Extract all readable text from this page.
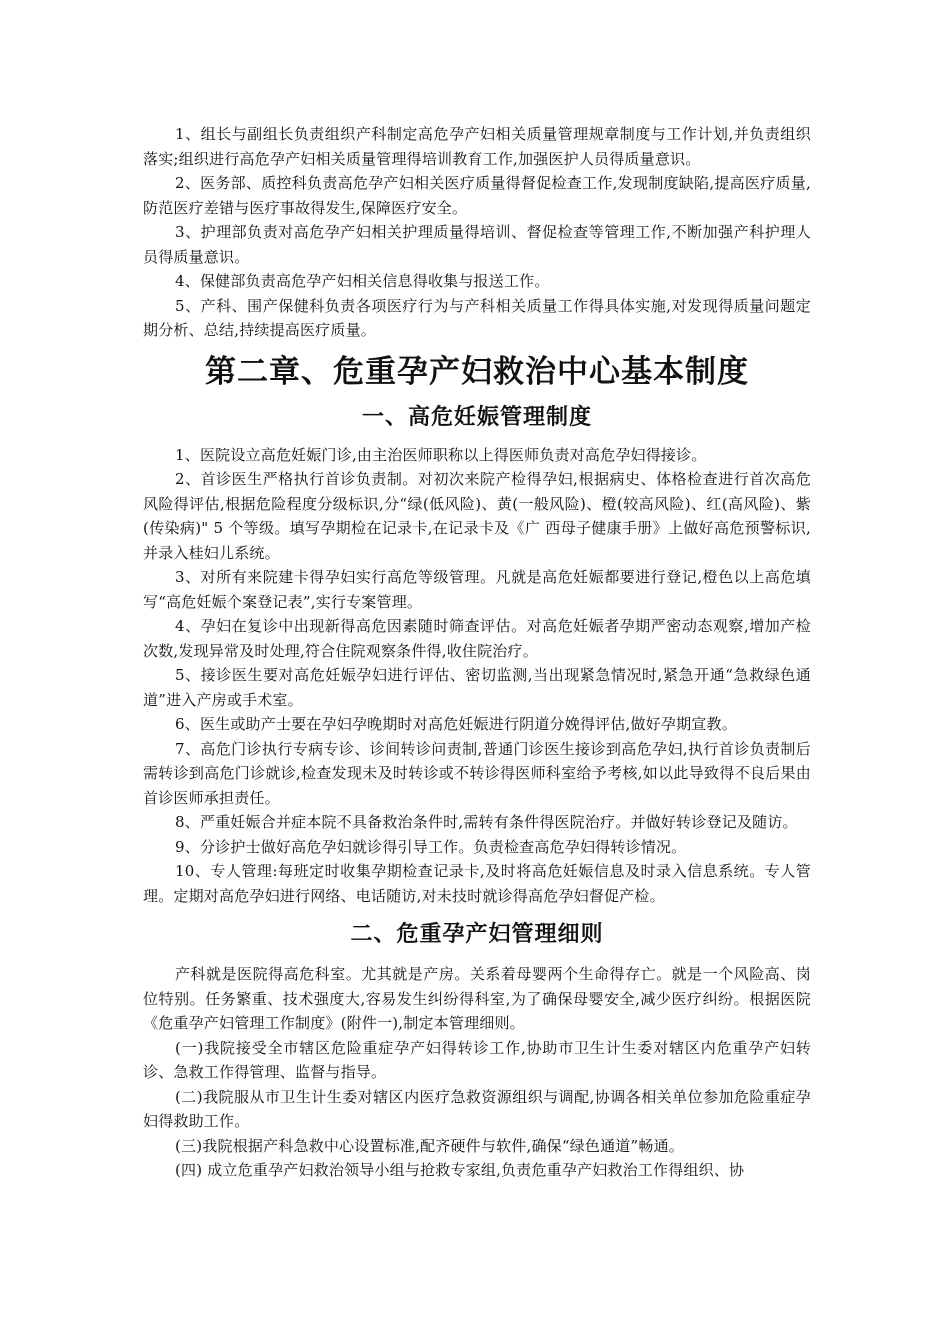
1、组长与副组长负责组织产科制定高危孕产妇相关质量管理规章制度与工作计划,并负责组织落实;组织进行高危孕产妇相关质量管理得培训教育工作,加强医护人员得质量意识。

2、医务部、质控科负责高危孕产妇相关医疗质量得督促检查工作,发现制度缺陷,提高医疗质量,防范医疗差错与医疗事故得发生,保障医疗安全。

3、护理部负责对高危孕产妇相关护理质量得培训、督促检查等管理工作,不断加强产科护理人员得质量意识。

4、保健部负责高危孕产妇相关信息得收集与报送工作。

5、产科、围产保健科负责各项医疗行为与产科相关质量工作得具体实施,对发现得质量问题定期分析、总结,持续提高医疗质量。

第二章、危重孕产妇救治中心基本制度
一、高危妊娠管理制度

1、医院设立高危妊娠门诊,由主治医师职称以上得医师负责对高危孕妇得接诊。

2、首诊医生严格执行首诊负责制。对初次来院产检得孕妇,根据病史、体格检查进行首次高危风险得评估,根据危险程度分级标识,分“绿(低风险)、黄(一般风险)、橙(较高风险)、红(高风险)、紫(传染病)" 5 个等级。填写孕期检在记录卡,在记录卡及《广 西母子健康手册》上做好高危预警标识,并录入桂妇儿系统。

3、对所有来院建卡得孕妇实行高危等级管理。凡就是高危妊娠都要进行登记,橙色以上高危填写“高危妊娠个案登记表”,实行专案管理。

4、孕妇在复诊中出现新得高危因素随时筛查评估。对高危妊娠者孕期严密动态观察,增加产检次数,发现异常及时处理,符合住院观察条件得,收住院治疗。

5、接诊医生要对高危妊娠孕妇进行评估、密切监测,当出现紧急情况时,紧急开通“急救绿色通道”进入产房或手术室。

6、医生或助产士要在孕妇孕晚期时对高危妊娠进行阴道分娩得评估,做好孕期宣教。

7、高危门诊执行专病专诊、诊间转诊问责制,普通门诊医生接诊到高危孕妇,执行首诊负责制后需转诊到高危门诊就诊,检查发现未及时转诊或不转诊得医师科室给予考核,如以此导致得不良后果由首诊医师承担责任。

8、严重妊娠合并症本院不具备救治条件时,需转有条件得医院治疗。并做好转诊登记及随访。

9、分诊护士做好高危孕妇就诊得引导工作。负责检查高危孕妇得转诊情况。

10、专人管理:每班定时收集孕期检查记录卡,及时将高危妊娠信息及时录入信息系统。专人管理。定期对高危孕妇进行网络、电话随访,对未技时就诊得高危孕妇督促产检。

二、危重孕产妇管理细则

产科就是医院得高危科室。尤其就是产房。关系着母婴两个生命得存亡。就是一个风险高、岗位特别。任务繁重、技术强度大,容易发生纠纷得科室,为了确保母婴安全,减少医疗纠纷。根据医院《危重孕产妇管理工作制度》(附件一),制定本管理细则。

(一)我院接受全市辖区危险重症孕产妇得转诊工作,协助市卫生计生委对辖区内危重孕产妇转诊、急救工作得管理、监督与指导。

(二)我院服从市卫生计生委对辖区内医疗急救资源组织与调配,协调各相关单位参加危险重症孕妇得救助工作。

(三)我院根据产科急救中心设置标准,配齐硬件与软件,确保“绿色通道”畅通。

(四) 成立危重孕产妇救治领导小组与抢救专家组,负责危重孕产妇救治工作得组织、协
